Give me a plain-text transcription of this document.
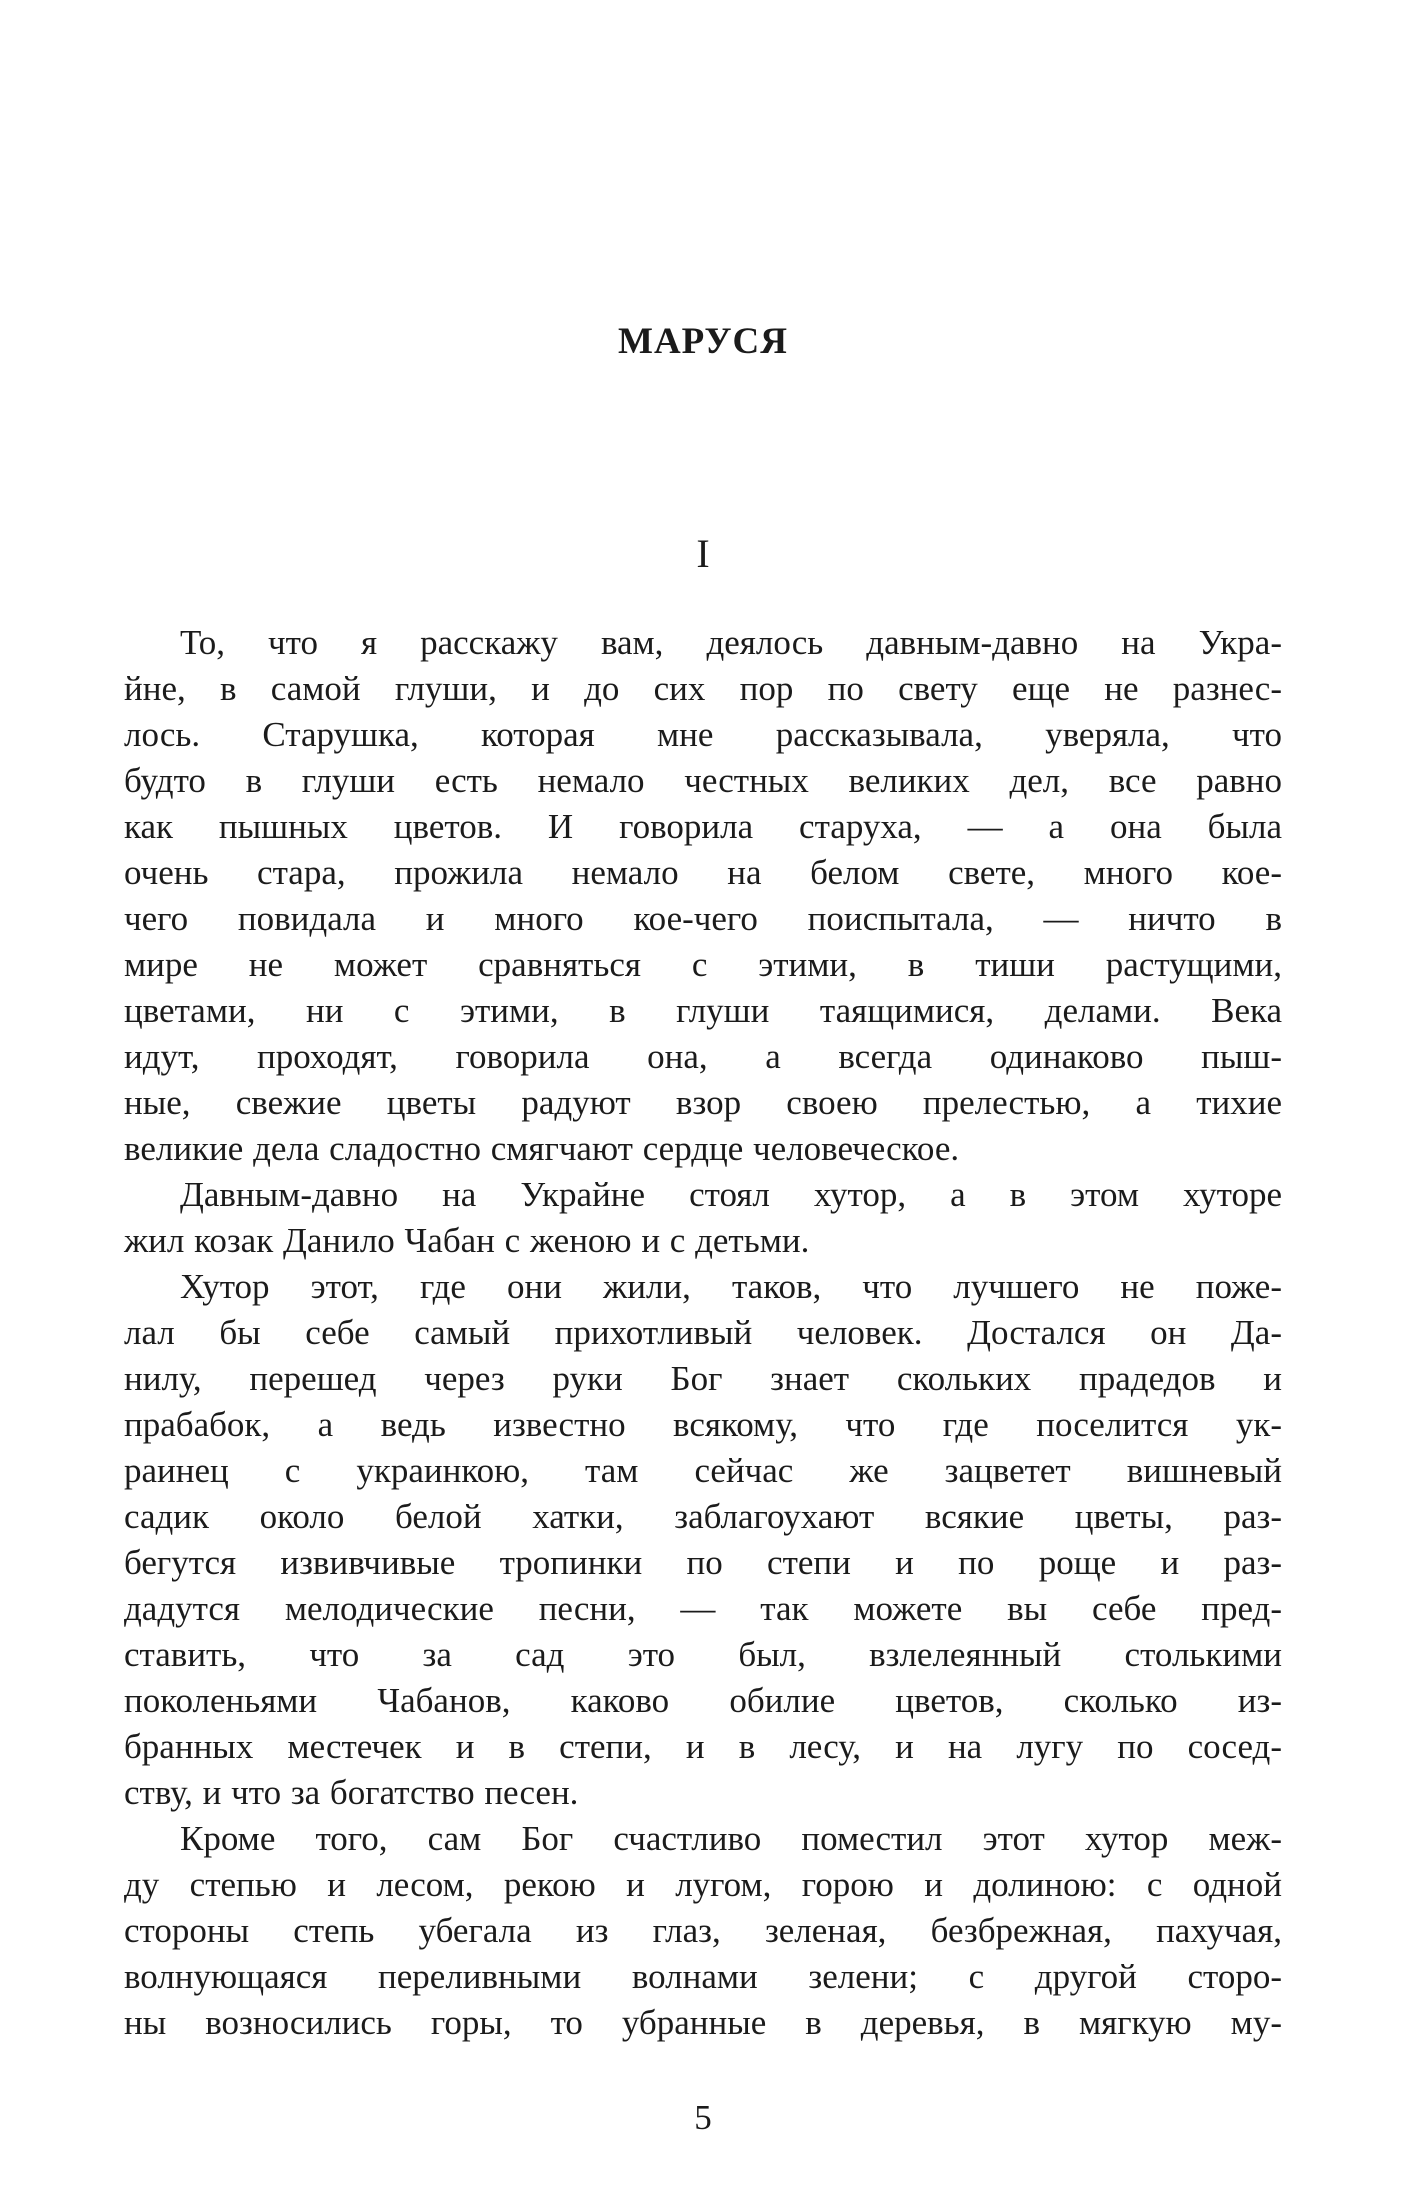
МАРУСЯ
I
То, что я расскажу вам, деялось давным-давно на Укра-
йне, в самой глуши, и до сих пор по свету еще не разнес-
лось. Старушка, которая мне рассказывала, уверяла, что
будто в глуши есть немало честных великих дел, все равно
как пышных цветов. И говорила старуха, — а она была
очень стара, прожила немало на белом свете, много кое-
чего повидала и много кое-чего поиспытала, — ничто в
мире не может сравняться с этими, в тиши растущими,
цветами, ни с этими, в глуши таящимися, делами. Века
идут, проходят, говорила она, а всегда одинаково пыш-
ные, свежие цветы радуют взор своею прелестью, а тихие
великие дела сладостно смягчают сердце человеческое.
Давным-давно на Украйне стоял хутор, а в этом хуторе
жил козак Данило Чабан с женою и с детьми.
Хутор этот, где они жили, таков, что лучшего не поже-
лал бы себе самый прихотливый человек. Достался он Да-
нилу, перешед через руки Бог знает скольких прадедов и
прабабок, а ведь известно всякому, что где поселится ук-
раинец с украинкою, там сейчас же зацветет вишневый
садик около белой хатки, заблагоухают всякие цветы, раз-
бегутся извивчивые тропинки по степи и по роще и раз-
дадутся мелодические песни, — так можете вы себе пред-
ставить, что за сад это был, взлелеянный столькими
поколеньями Чабанов, каково обилие цветов, сколько из-
бранных местечек и в степи, и в лесу, и на лугу по сосед-
ству, и что за богатство песен.
Кроме того, сам Бог счастливо поместил этот хутор меж-
ду степью и лесом, рекою и лугом, горою и долиною: с одной
стороны степь убегала из глаз, зеленая, безбрежная, пахучая,
волнующаяся переливными волнами зелени; с другой сторо-
ны возносились горы, то убранные в деревья, в мягкую му-
5
